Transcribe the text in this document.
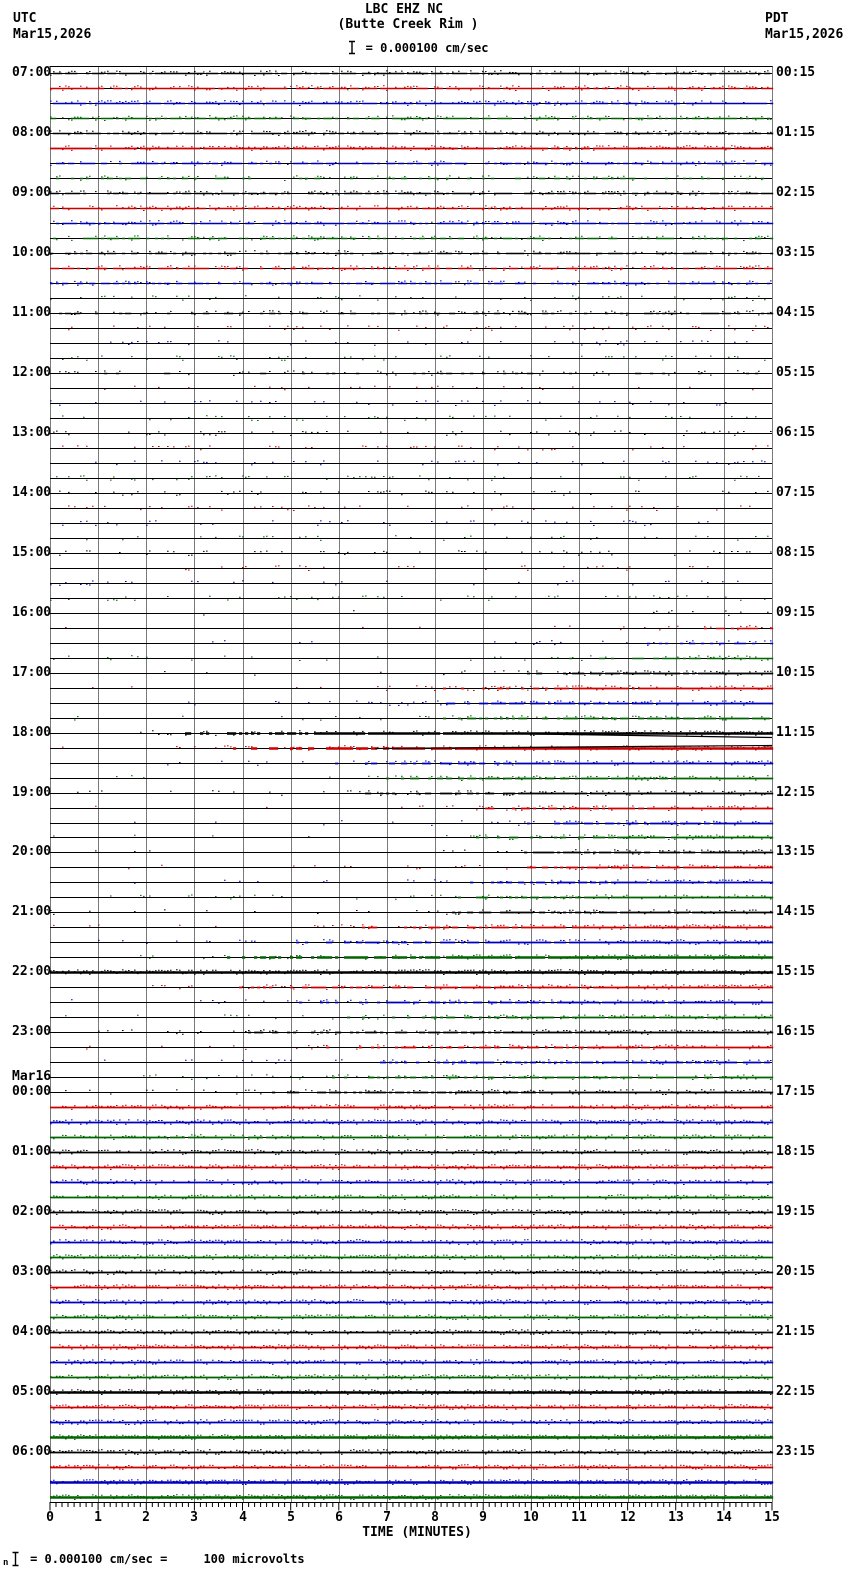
UTC
Mar15,2026
PDT
Mar15,2026
LBC EHZ NC
(Butte Creek Rim )
= 0.000100 cm/sec
07:00
08:00
09:00
10:00
11:00
12:00
13:00
14:00
15:00
16:00
17:00
18:00
19:00
20:00
21:00
22:00
23:00
00:00
Mar16
01:00
02:00
03:00
04:00
05:00
06:00
00:15
01:15
02:15
03:15
04:15
05:15
06:15
07:15
08:15
09:15
10:15
11:15
12:15
13:15
14:15
15:15
16:15
17:15
18:15
19:15
20:15
21:15
22:15
23:15
0	1	2	3	4	5	6	7	8	9	10	11	12	13	14	15
TIME (MINUTES)
n = 0.000100 cm/sec =     100 microvolts
